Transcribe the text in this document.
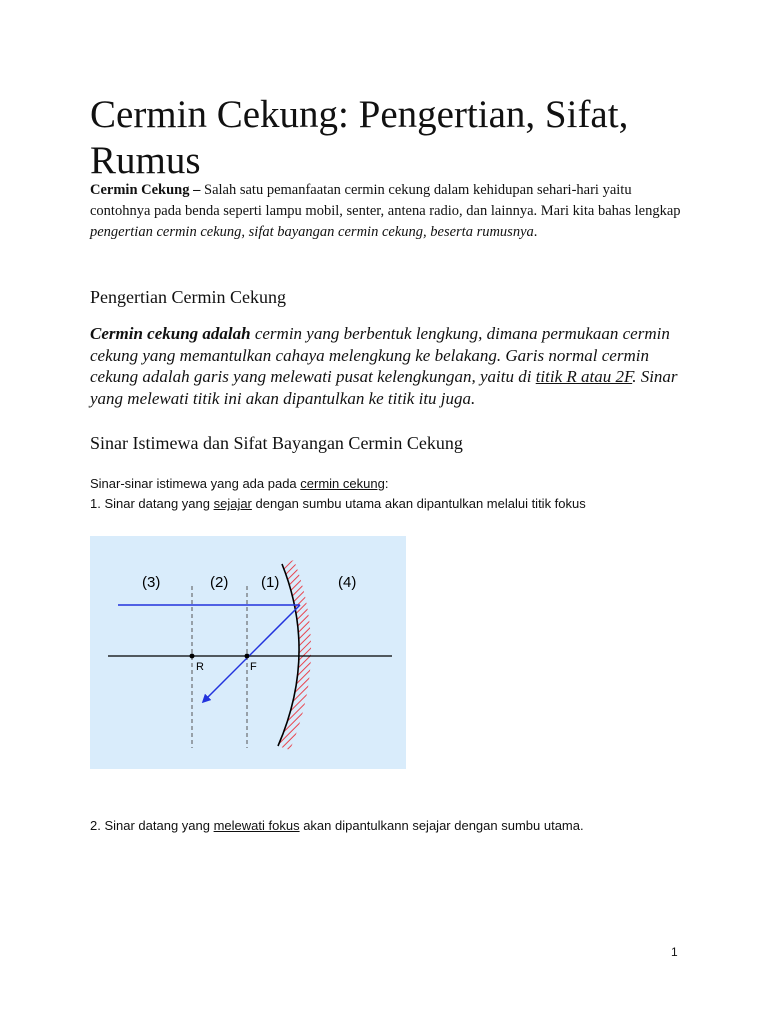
Cermin Cekung: Pengertian, Sifat, Rumus

Cermin Cekung – Salah satu pemanfaatan cermin cekung dalam kehidupan sehari-hari yaitu contohnya pada benda seperti lampu mobil, senter, antena radio, dan lainnya. Mari kita bahas lengkap pengertian cermin cekung, sifat bayangan cermin cekung, beserta rumusnya.

Pengertian Cermin Cekung

Cermin cekung adalah cermin yang berbentuk lengkung, dimana permukaan cermin cekung yang memantulkan cahaya melengkung ke belakang. Garis normal cermin cekung adalah garis yang melewati pusat kelengkungan, yaitu di titik R atau 2F. Sinar yang melewati titik ini akan dipantulkan ke titik itu juga.

Sinar Istimewa dan Sifat Bayangan Cermin Cekung
Sinar-sinar istimewa yang ada pada cermin cekung:
1. Sinar datang yang sejajar dengan sumbu utama akan dipantulkan melalui titik fokus
(3)	(2) (1)	(4)
R	F
2. Sinar datang yang melewati fokus akan dipantulkann sejajar dengan sumbu utama.
1
